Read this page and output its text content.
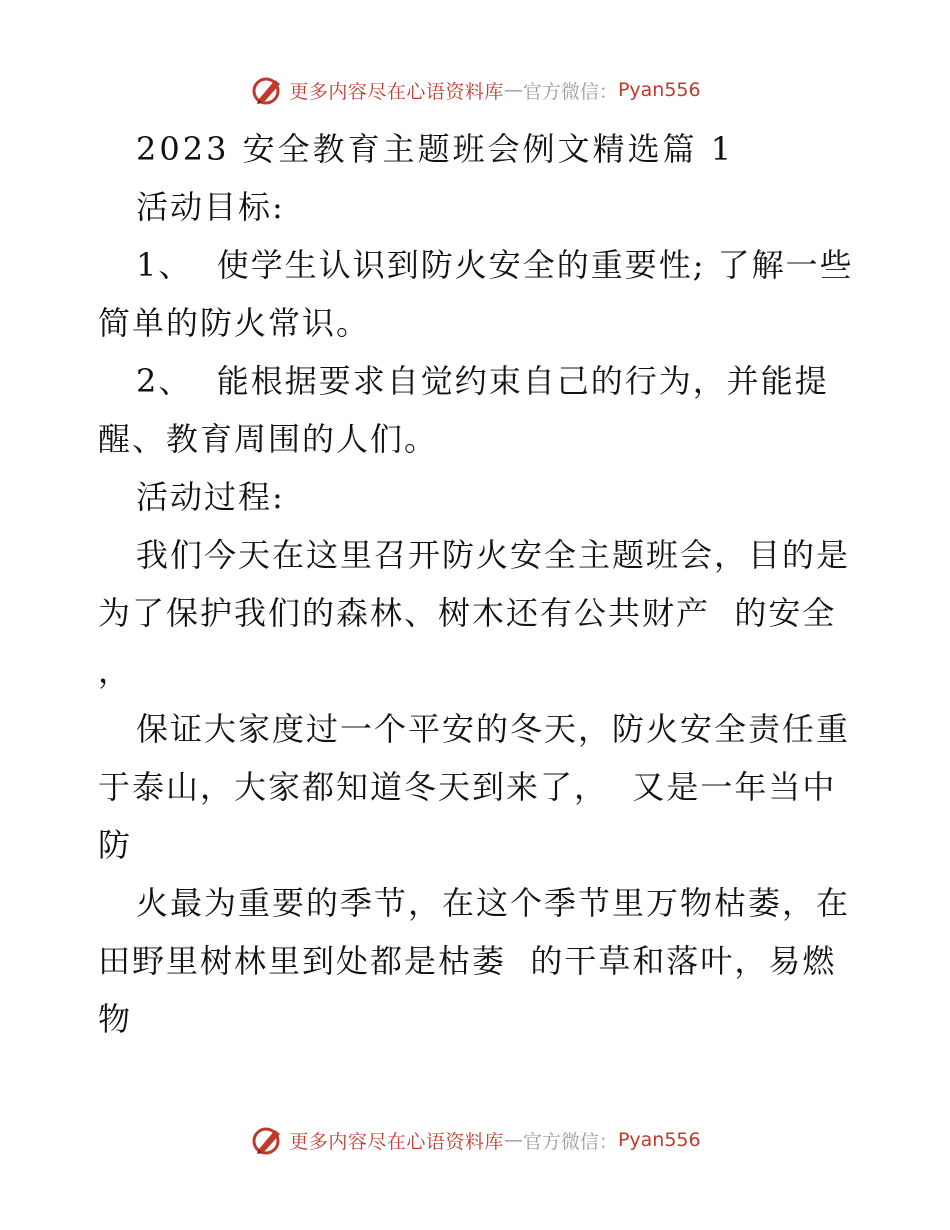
更多内容尽在心语资料库 — 官方微信： Pyan556

2023 安全教育主题班会例文精选篇 1

活动目标:

1、  使学生认识到防火安全的重要性; 了解一些简单的防火常识。

2、  能根据要求自觉约束自己的行为，并能提醒、教育周围的人们。

活动过程:

我们今天在这里召开防火安全主题班会，目的是为了保护我们的森林、树木还有公共财产  的安全  ，

保证大家度过一个平安的冬天，防火安全责任重于泰山，大家都知道冬天到来了，  又是一年当中防

火最为重要的季节，在这个季节里万物枯萎，在田野里树林里到处都是枯萎  的干草和落叶，易燃物

更多内容尽在心语资料库 — 官方微信： Pyan556
